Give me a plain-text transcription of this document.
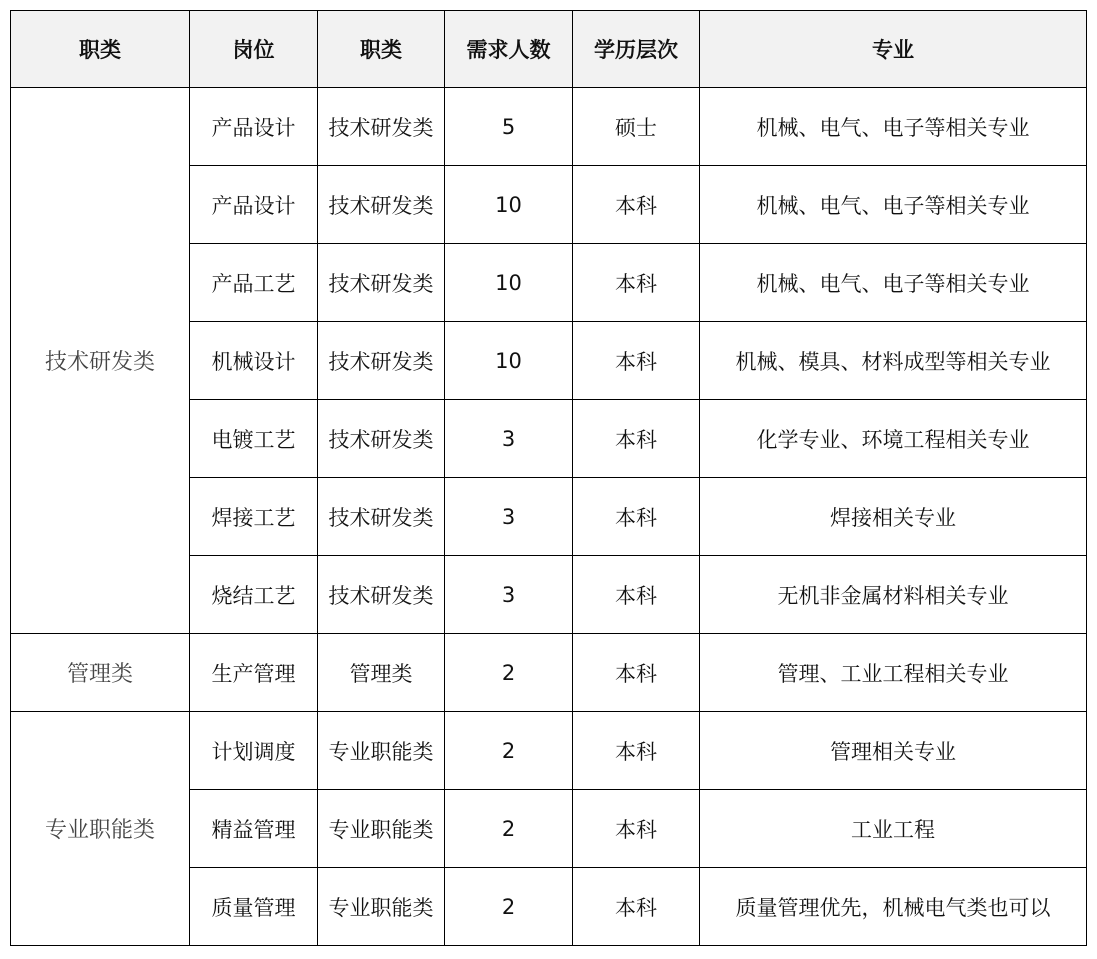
职类	岗位	职类	需求人数	学历层次	专业
技术研发类	产品设计	技术研发类	5	硕士	机械、电气、电子等相关专业
	产品设计	技术研发类	10	本科	机械、电气、电子等相关专业
	产品工艺	技术研发类	10	本科	机械、电气、电子等相关专业
	机械设计	技术研发类	10	本科	机械、模具、材料成型等相关专业
	电镀工艺	技术研发类	3	本科	化学专业、环境工程相关专业
	焊接工艺	技术研发类	3	本科	焊接相关专业
	烧结工艺	技术研发类	3	本科	无机非金属材料相关专业
管理类	生产管理	管理类	2	本科	管理、工业工程相关专业
专业职能类	计划调度	专业职能类	2	本科	管理相关专业
	精益管理	专业职能类	2	本科	工业工程
	质量管理	专业职能类	2	本科	质量管理优先，机械电气类也可以
